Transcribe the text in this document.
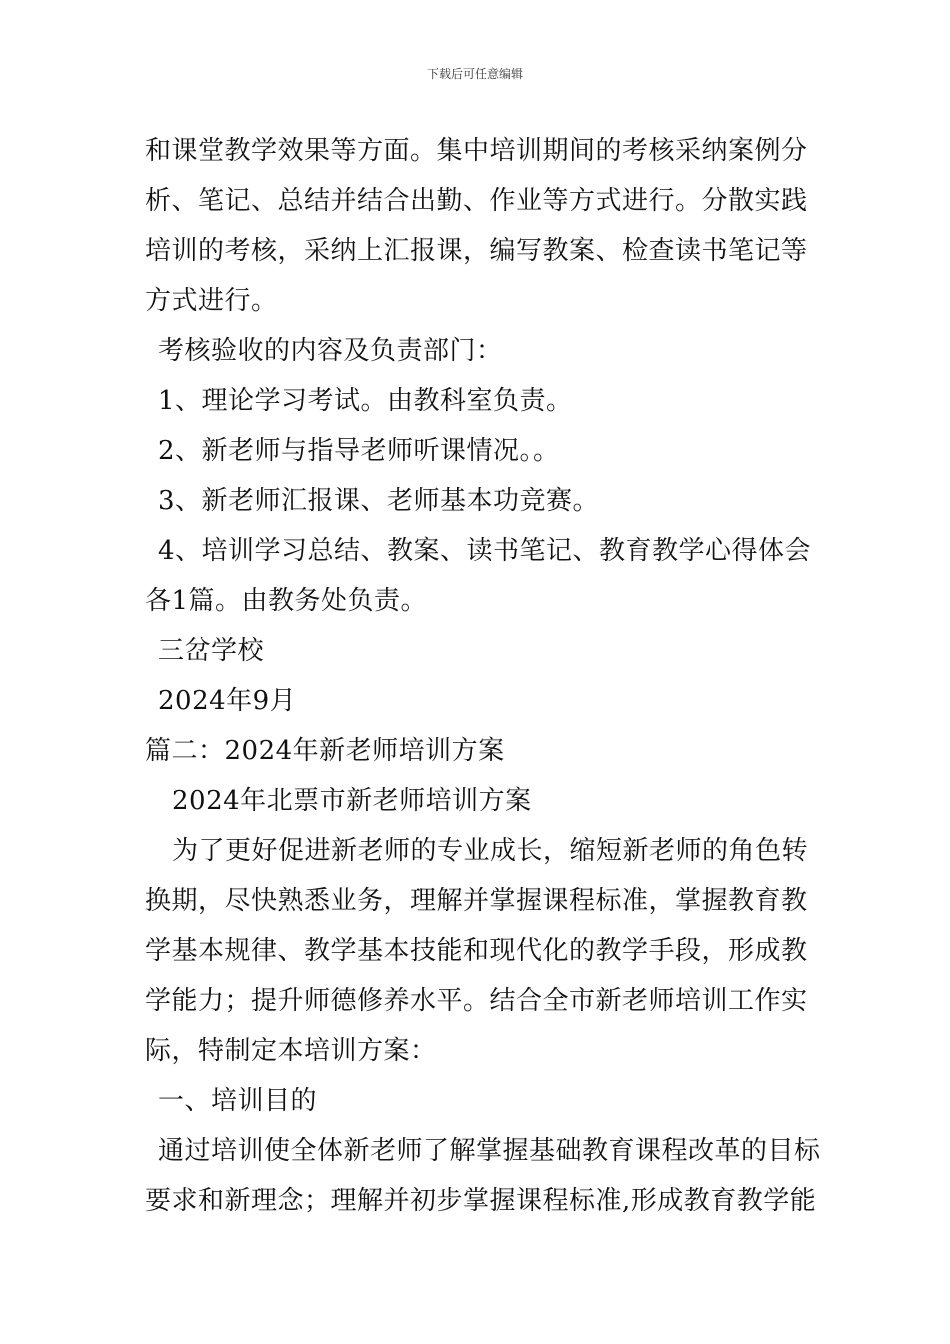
下载后可任意编辑
和课堂教学效果等方面。集中培训期间的考核采纳案例分
析、笔记、总结并结合出勤、作业等方式进行。分散实践
培训的考核，采纳上汇报课，编写教案、检查读书笔记等
方式进行。
考核验收的内容及负责部门：
1、理论学习考试。由教科室负责。
2、新老师与指导老师听课情况。。
3、新老师汇报课、老师基本功竞赛。
4、培训学习总结、教案、读书笔记、教育教学心得体会
各1篇。由教务处负责。
三岔学校
2024年9月
篇二：2024年新老师培训方案
2024年北票市新老师培训方案
为了更好促进新老师的专业成长，缩短新老师的角色转
换期，尽快熟悉业务，理解并掌握课程标准，掌握教育教
学基本规律、教学基本技能和现代化的教学手段，形成教
学能力；提升师德修养水平。结合全市新老师培训工作实
际，特制定本培训方案：
一、培训目的
通过培训使全体新老师了解掌握基础教育课程改革的目标
要求和新理念；理解并初步掌握课程标准,形成教育教学能
